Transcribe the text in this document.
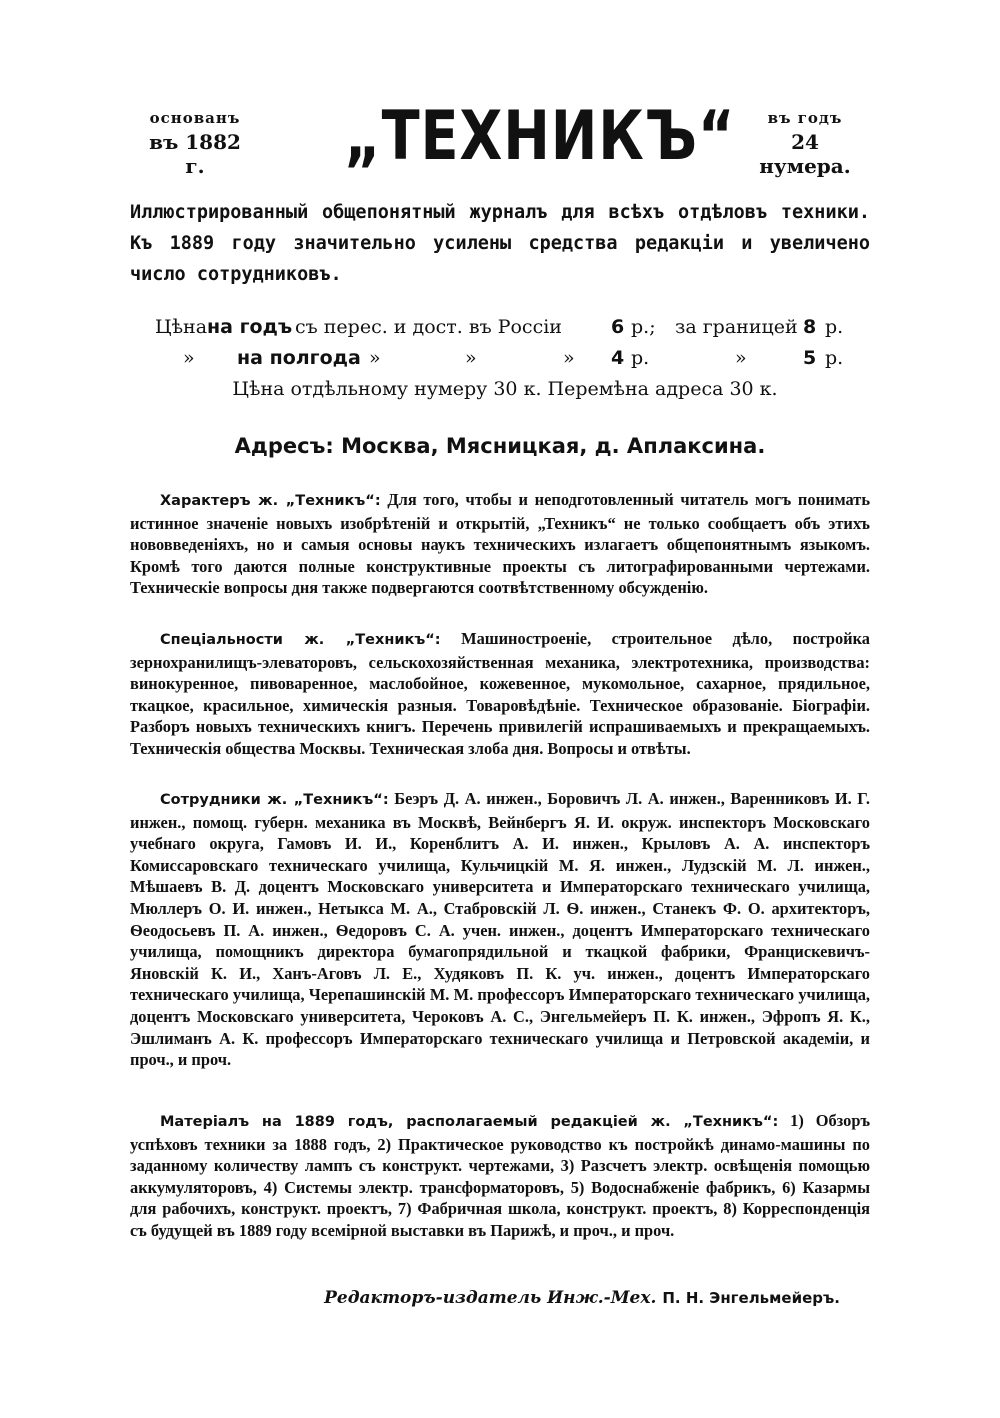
основанъ
въ 1882 г.	„ТЕХНИКЪ“	въ годъ
24 нумера.
Иллюстрированный общепонятный журналъ для всѣхъ отдѣловъ техники. Къ 1889 году значительно усилены средства редакціи и увеличено число сотрудниковъ.
Цѣна на годъ съ перес. и дост. въ Россіи	6 р.; за границей 8 р.
» на полгода »	»	» 4 р.	»	5 р.
Цѣна отдѣльному нумеру 30 к. Перемѣна адреса 30 к.
Адресъ: Москва, Мясницкая, д. Аплаксина.
Характеръ ж. „Техникъ“: Для того, чтобы и неподготовленный читатель могъ понимать истинное значеніе новыхъ изобрѣтеній и открытій, „Техникъ“ не только сообщаетъ объ этихъ нововведеніяхъ, но и самыя основы наукъ техническихъ излагаетъ общепонятнымъ языкомъ. Кромѣ того даются полные конструктивные проекты съ литографированными чертежами. Техническіе вопросы дня также подвергаются соотвѣтственному обсужденію.
Спеціальности ж. „Техникъ“: Машиностроеніе, строительное дѣло, постройка зернохранилищъ-элеваторовъ, сельскохозяйственная механика, электротехника, производства: винокуренное, пивоваренное, маслобойное, кожевенное, мукомольное, сахарное, прядильное, ткацкое, красильное, химическія разныя. Товаровѣдѣніе. Техническое образованіе. Біографіи. Разборъ новыхъ техническихъ книгъ. Перечень привилегій испрашиваемыхъ и прекращаемыхъ. Техническія общества Москвы. Техническая злоба дня. Вопросы и отвѣты.
Сотрудники ж. „Техникъ“: Беэръ Д. А. инжен., Боровичъ Л. А. инжен., Варенниковъ И. Г. инжен., помощ. губерн. механика въ Москвѣ, Вейнбергъ Я. И. окруж. инспекторъ Московскаго учебнаго округа, Гамовъ И. И., Коренблитъ А. И. инжен., Крыловъ А. А. инспекторъ Комиссаровскаго техническаго училища, Кульчицкій М. Я. инжен., Лудзскій М. Л. инжен., Мѣшаевъ В. Д. доцентъ Московскаго университета и Императорскаго техническаго училища, Мюллеръ О. И. инжен., Нетыкса М. А., Стабровскій Л. Ѳ. инжен., Станекъ Ф. О. архитекторъ, Ѳеодосьевъ П. А. инжен., Ѳедоровъ С. А. учен. инжен., доцентъ Императорскаго техническаго училища, помощникъ директора бумагопрядильной и ткацкой фабрики, Францискевичъ-Яновскій К. И., Ханъ-Аговъ Л. Е., Худяковъ П. К. уч. инжен., доцентъ Императорскаго техническаго училища, Черепашинскій М. М. профессоръ Императорскаго техническаго училища, доцентъ Московскаго университета, Чероковъ А. С., Энгельмейеръ П. К. инжен., Эфропъ Я. К., Эшлиманъ А. К. профессоръ Императорскаго техническаго училища и Петровской академіи, и проч., и проч.
Матеріалъ на 1889 годъ, располагаемый редакціей ж. „Техникъ“: 1) Обзоръ успѣховъ техники за 1888 годъ, 2) Практическое руководство къ постройкѣ динамо-машины по заданному количеству лампъ съ конструкт. чертежами, 3) Разсчетъ электр. освѣщенія помощью аккумуляторовъ, 4) Системы электр. трансформаторовъ, 5) Водоснабженіе фабрикъ, 6) Казармы для рабочихъ, конструкт. проектъ, 7) Фабричная школа, конструкт. проектъ, 8) Корреспонденція съ будущей въ 1889 году всемірной выставки въ Парижѣ, и проч., и проч.
Редакторъ-издатель Инж.-Мех. П. Н. Энгельмейеръ.
